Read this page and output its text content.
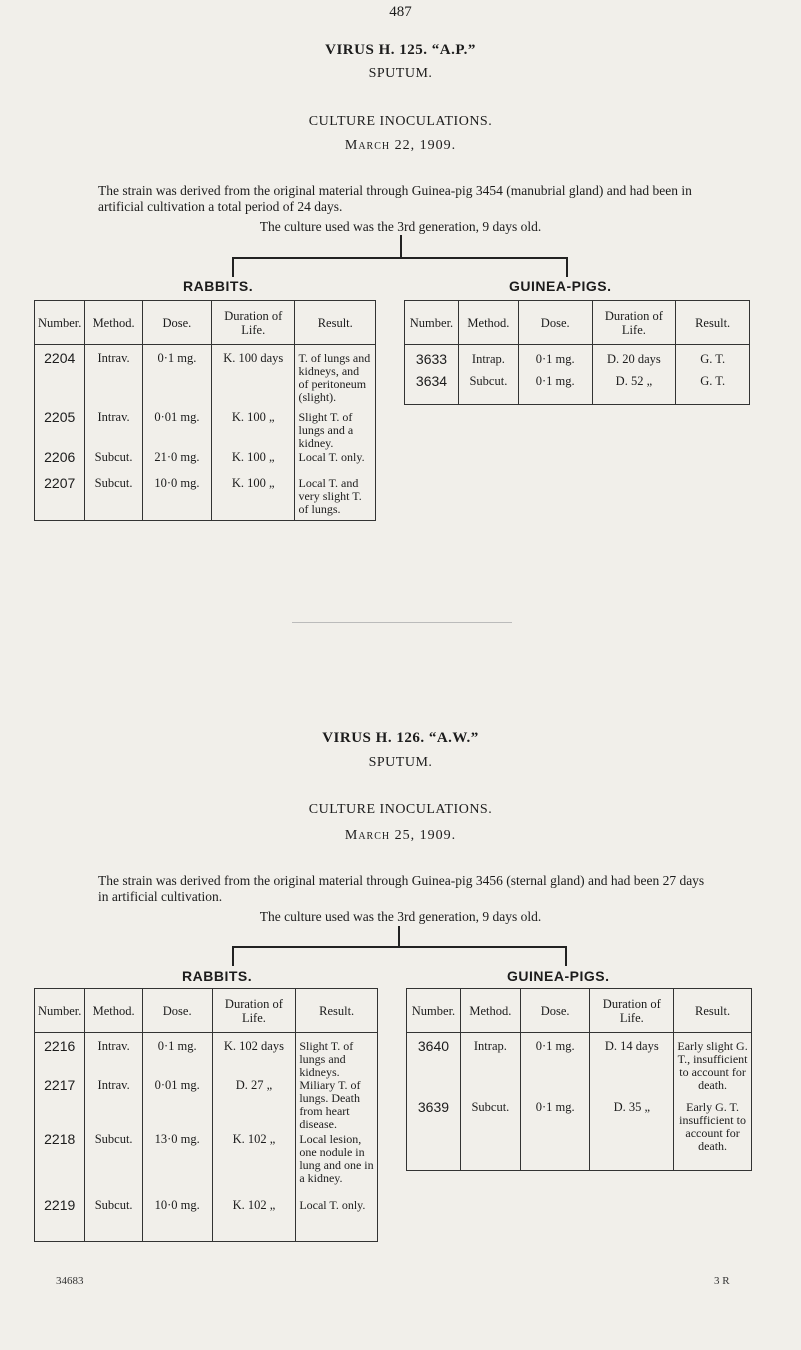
487
VIRUS H. 125. “A.P.”
SPUTUM.
CULTURE INOCULATIONS.
March 22, 1909.
The strain was derived from the original material through Guinea-pig 3454 (manubrial gland) and had been in artificial cultivation a total period of 24 days.
The culture used was the 3rd generation, 9 days old.
RABBITS.	GUINEA-PIGS.
Number.	Method.	Dose.	Duration of Life.	Result.
2204	Intrav.	0·1 mg.	K. 100 days	T. of lungs and kidneys, and of peritoneum (slight).
2205	Intrav.	0·01 mg.	K. 100 „	Slight T. of lungs and a kidney.
2206	Subcut.	21·0 mg.	K. 100 „	Local T. only.
2207	Subcut.	10·0 mg.	K. 100 „	Local T. and very slight T. of lungs.
Number.	Method.	Dose.	Duration of Life.	Result.
3633	Intrap.	0·1 mg.	D. 20 days	G. T.
3634	Subcut.	0·1 mg.	D. 52 „	G. T.
VIRUS H. 126. “A.W.”
SPUTUM.
CULTURE INOCULATIONS.
March 25, 1909.
The strain was derived from the original material through Guinea-pig 3456 (sternal gland) and had been 27 days in artificial cultivation.
The culture used was the 3rd generation, 9 days old.
RABBITS.	GUINEA-PIGS.
Number.	Method.	Dose.	Duration of Life.	Result.
2216	Intrav.	0·1 mg.	K. 102 days	Slight T. of lungs and kidneys.
2217	Intrav.	0·01 mg.	D. 27 „	Miliary T. of lungs. Death from heart disease.
2218	Subcut.	13·0 mg.	K. 102 „	Local lesion, one nodule in lung and one in a kidney.
2219	Subcut.	10·0 mg.	K. 102 „	Local T. only.
Number.	Method.	Dose.	Duration of Life.	Result.
3640	Intrap.	0·1 mg.	D. 14 days	Early slight G. T., insufficient to account for death.
3639	Subcut.	0·1 mg.	D. 35 „	Early G. T. insufficient to account for death.
34683	3 R
